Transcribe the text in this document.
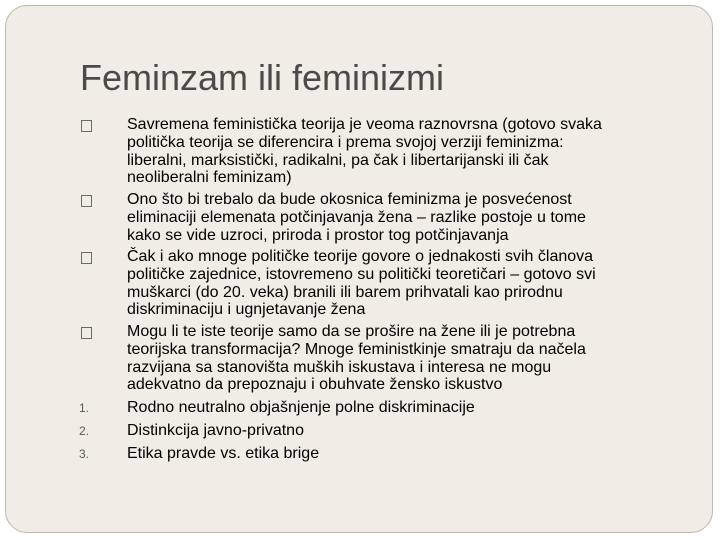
Feminzam ili feminizmi
Savremena feministička teorija je veoma raznovrsna (gotovo svaka
politička teorija se diferencira i prema svojoj verziji feminizma:
liberalni, marksistički, radikalni, pa čak i libertarijanski ili čak
neoliberalni feminizam)
Ono što bi trebalo da bude okosnica feminizma je posvećenost
eliminaciji elemenata potčinjavanja žena – razlike postoje u tome
kako se vide uzroci, priroda i prostor tog potčinjavanja
Čak i ako mnoge političke teorije govore o jednakosti svih članova
političke zajednice, istovremeno su politički teoretičari – gotovo svi
muškarci (do 20. veka) branili ili barem prihvatali kao prirodnu
diskriminaciju i ugnjetavanje žena
Mogu li te iste teorije samo da se prošire na žene ili je potrebna
teorijska transformacija? Mnoge feministkinje smatraju da načela
razvijana sa stanovišta muških iskustava i interesa ne mogu
adekvatno da prepoznaju i obuhvate žensko iskustvo
1.	Rodno neutralno objašnjenje polne diskriminacije
2.	Distinkcija javno-privatno
3.	Etika pravde vs. etika brige
